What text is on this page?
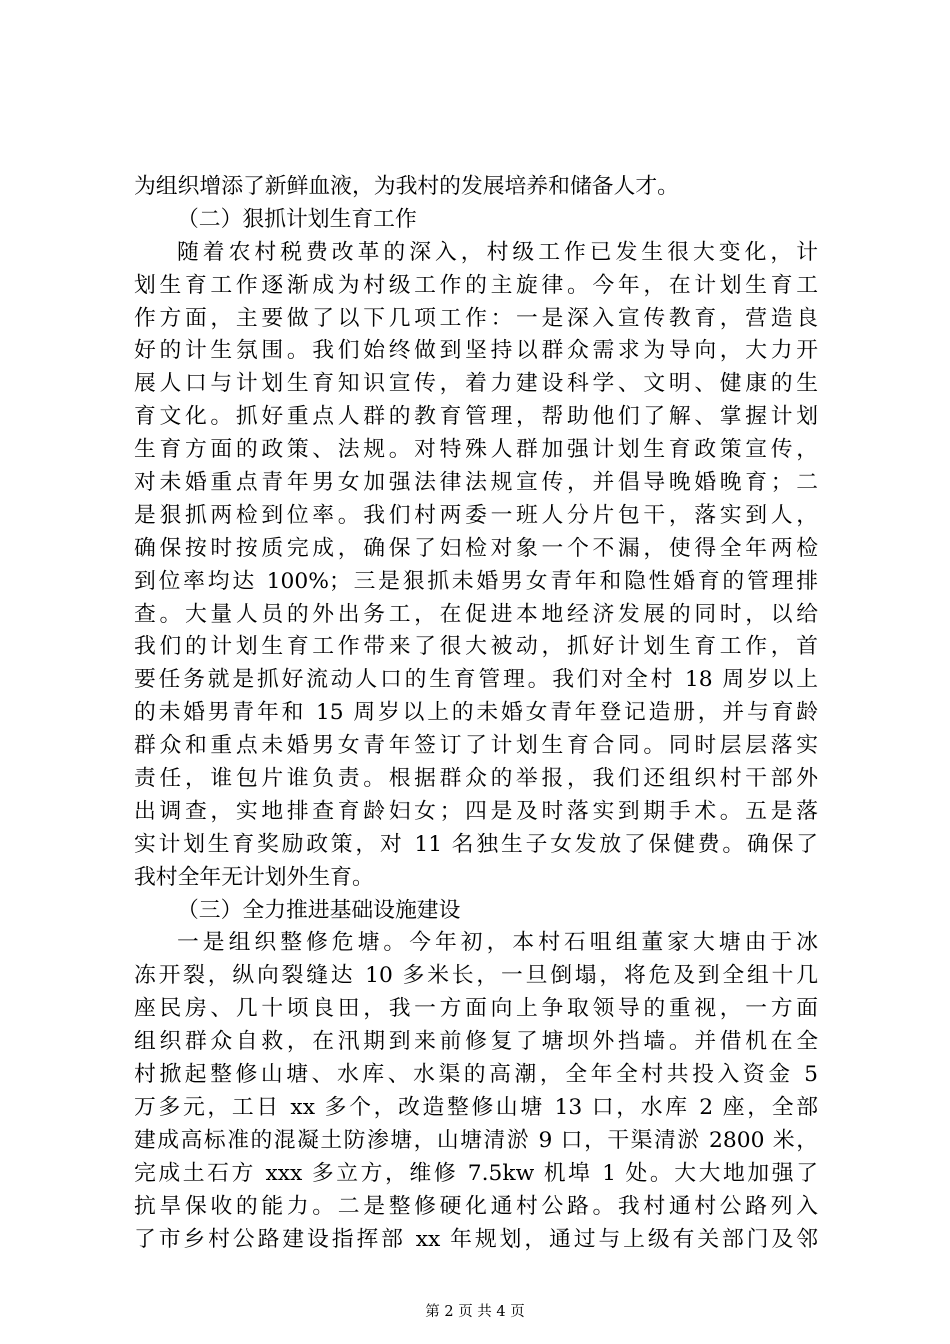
为组织增添了新鲜血液，为我村的发展培养和储备人才。
（二）狠抓计划生育工作
随着农村税费改革的深入，村级工作已发生很大变化，计
划生育工作逐渐成为村级工作的主旋律。今年，在计划生育工
作方面，主要做了以下几项工作：一是深入宣传教育，营造良
好的计生氛围。我们始终做到坚持以群众需求为导向，大力开
展人口与计划生育知识宣传，着力建设科学、文明、健康的生
育文化。抓好重点人群的教育管理，帮助他们了解、掌握计划
生育方面的政策、法规。对特殊人群加强计划生育政策宣传，
对未婚重点青年男女加强法律法规宣传，并倡导晚婚晚育；二
是狠抓两检到位率。我们村两委一班人分片包干，落实到人，
确保按时按质完成，确保了妇检对象一个不漏，使得全年两检
到位率均达 100%；三是狠抓未婚男女青年和隐性婚育的管理排
查。大量人员的外出务工，在促进本地经济发展的同时，以给
我们的计划生育工作带来了很大被动，抓好计划生育工作，首
要任务就是抓好流动人口的生育管理。我们对全村 18 周岁以上
的未婚男青年和 15 周岁以上的未婚女青年登记造册，并与育龄
群众和重点未婚男女青年签订了计划生育合同。同时层层落实
责任，谁包片谁负责。根据群众的举报，我们还组织村干部外
出调查，实地排查育龄妇女；四是及时落实到期手术。五是落
实计划生育奖励政策，对 11 名独生子女发放了保健费。确保了
我村全年无计划外生育。
（三）全力推进基础设施建设
一是组织整修危塘。今年初，本村石咀组董家大塘由于冰
冻开裂，纵向裂缝达 10 多米长，一旦倒塌，将危及到全组十几
座民房、几十顷良田，我一方面向上争取领导的重视，一方面
组织群众自救，在汛期到来前修复了塘坝外挡墙。并借机在全
村掀起整修山塘、水库、水渠的高潮，全年全村共投入资金 5
万多元，工日 xx 多个，改造整修山塘 13 口，水库 2 座，全部
建成高标准的混凝土防渗塘，山塘清淤 9 口，干渠清淤 2800 米，
完成土石方 xxx 多立方，维修 7.5kw 机埠 1 处。大大地加强了
抗旱保收的能力。二是整修硬化通村公路。我村通村公路列入
了市乡村公路建设指挥部 xx 年规划，通过与上级有关部门及邻
第 2 页 共 4 页
